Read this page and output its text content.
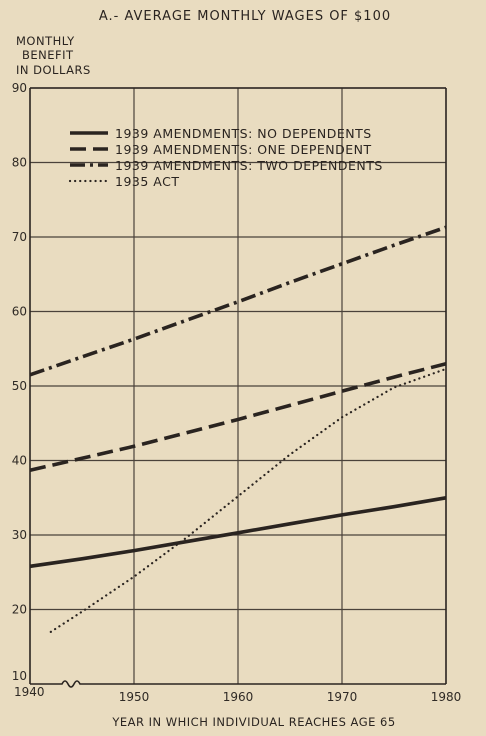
A.- AVERAGE MONTHLY WAGES OF $100
MONTHLY
BENEFIT
IN DOLLARS
10
20
30
40
50
60
70
80
90
1940	1950	1960	1970	1980
1939 AMENDMENTS: NO DEPENDENTS
1939 AMENDMENTS: ONE DEPENDENT
1939 AMENDMENTS: TWO DEPENDENTS
1935 ACT
YEAR IN WHICH INDIVIDUAL REACHES AGE 65
